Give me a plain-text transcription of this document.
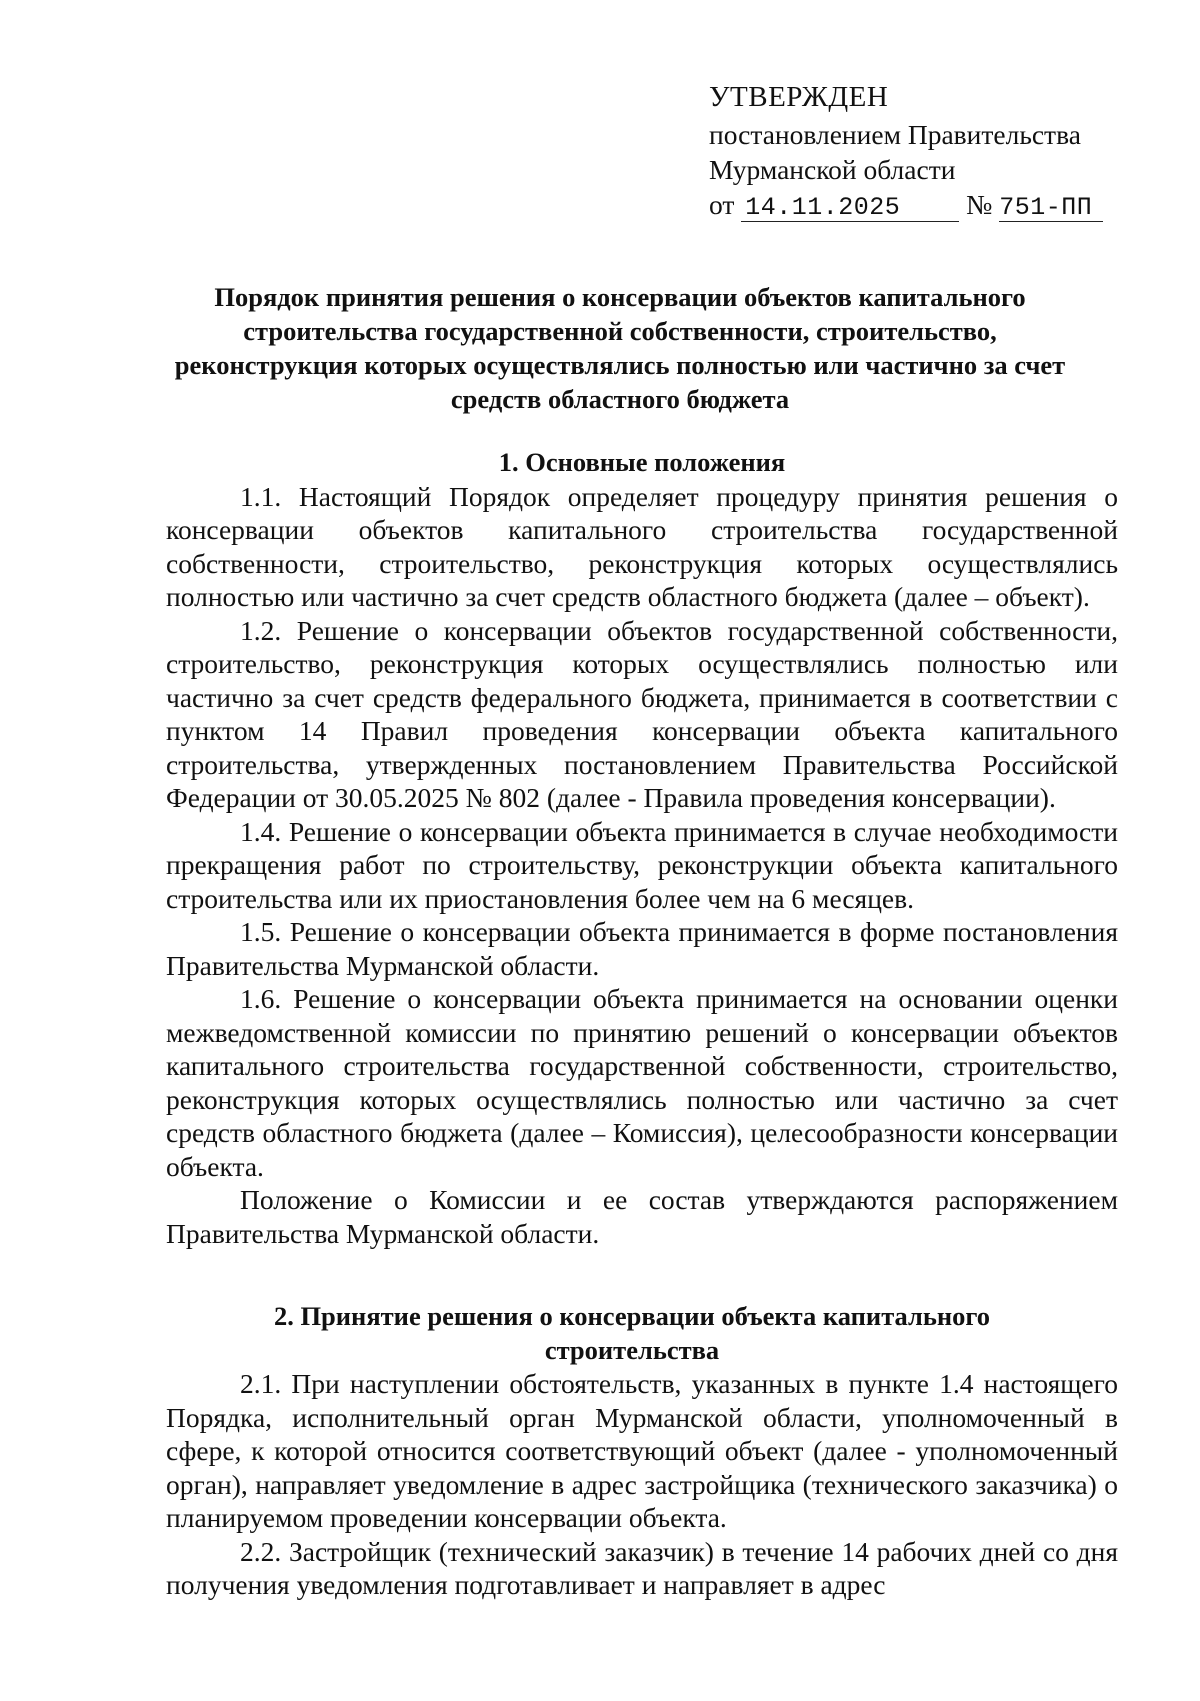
УТВЕРЖДЕН
постановлением Правительства
Мурманской области
от 14.11.2025 № 751-ПП
Порядок принятия решения о консервации объектов капитального строительства государственной собственности, строительство, реконструкция которых осуществлялись полностью или частично за счет средств областного бюджета
1. Основные положения

1.1. Настоящий Порядок определяет процедуру принятия решения о консервации объектов капитального строительства государственной собственности, строительство, реконструкция которых осуществлялись полностью или частично за счет средств областного бюджета (далее – объект).

1.2. Решение о консервации объектов государственной собственности, строительство, реконструкция которых осуществлялись полностью или частично за счет средств федерального бюджета, принимается в соответствии с пунктом 14 Правил проведения консервации объекта капитального строительства, утвержденных постановлением Правительства Российской Федерации от 30.05.2025 № 802 (далее - Правила проведения консервации).

1.4. Решение о консервации объекта принимается в случае необходимости прекращения работ по строительству, реконструкции объекта капитального строительства или их приостановления более чем на 6 месяцев.

1.5. Решение о консервации объекта принимается в форме постановления Правительства Мурманской области.

1.6. Решение о консервации объекта принимается на основании оценки межведомственной комиссии по принятию решений о консервации объектов капитального строительства государственной собственности, строительство, реконструкция которых осуществлялись полностью или частично за счет средств областного бюджета (далее – Комиссия), целесообразности консервации объекта.

Положение о Комиссии и ее состав утверждаются распоряжением Правительства Мурманской области.

2. Принятие решения о консервации объекта капитального строительства

2.1. При наступлении обстоятельств, указанных в пункте 1.4 настоящего Порядка, исполнительный орган Мурманской области, уполномоченный в сфере, к которой относится соответствующий объект (далее - уполномоченный орган), направляет уведомление в адрес застройщика (технического заказчика) о планируемом проведении консервации объекта.

2.2. Застройщик (технический заказчик) в течение 14 рабочих дней со дня получения уведомления подготавливает и направляет в адрес
